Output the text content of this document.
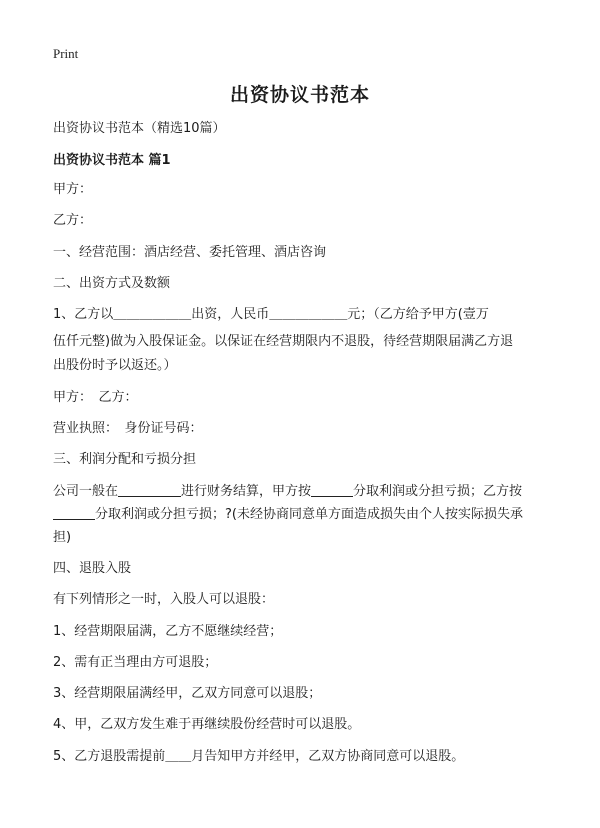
Print
出资协议书范本
出资协议书范本（精选10篇）
出资协议书范本 篇1
甲方：
乙方：
一、经营范围：酒店经营、委托管理、酒店咨询
二、出资方式及数额
1、乙方以＿＿＿＿＿＿出资，人民币＿＿＿＿＿＿元；（乙方给予甲方(壹万
伍仟元整)做为入股保证金。以保证在经营期限内不退股，待经营期限届满乙方退
出股份时予以返还。）
甲方：　乙方：
营业执照：　身份证号码：
三、利润分配和亏损分担
公司一般在	进行财务结算，甲方按	分取利润或分担亏损；乙方按
分取利润或分担亏损；?(未经协商同意单方面造成损失由个人按实际损失承
担)
四、退股入股
有下列情形之一时，入股人可以退股：
1、经营期限届满，乙方不愿继续经营；
2、需有正当理由方可退股；
3、经营期限届满经甲，乙双方同意可以退股；
4、甲，乙双方发生难于再继续股份经营时可以退股。
5、乙方退股需提前＿＿月告知甲方并经甲，乙双方协商同意可以退股。
